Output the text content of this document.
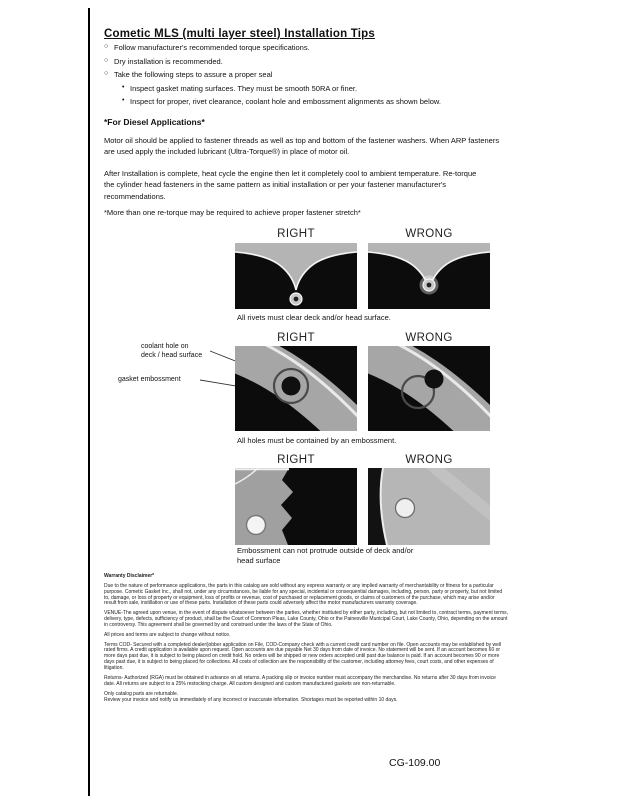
Cometic MLS (multi layer steel) Installation Tips
○ Follow manufacturer's recommended torque specifications.
○ Dry installation is recommended.
○ Take the following steps to assure a proper seal
• Inspect gasket mating surfaces. They must be smooth 50RA or finer.
• Inspect for proper, rivet clearance, coolant hole and embossment alignments as shown below.
*For Diesel Applications*
Motor oil should be applied to fastener threads as well as top and bottom of the fastener washers. When ARP fasteners are used apply the included lubricant (Ultra-Torque®) in place of motor oil.
After Installation is complete, heat cycle the engine then let it completely cool to ambient temperature. Re-torque the cylinder head fasteners in the same pattern as initial installation or per your fastener manufacturer's recommendations.
*More than one re-torque may be required to achieve proper fastener stretch*
RIGHT	WRONG
All rivets must clear deck and/or head surface.
RIGHT	WRONG
coolant hole on
deck / head surface
gasket embossment
All holes must be contained by an embossment.
RIGHT	WRONG
Embossment can not protrude outside of deck and/or head surface
Warranty Disclaimer*

Due to the nature of performance applications, the parts in this catalog are sold without any express warranty or any implied warranty of merchantability or fitness for a particular purpose. Cometic Gasket Inc., shall not, under any circumstances, be liable for any special, incidental or consequential damages, including, person, party or property, but not limited to, damage, or loss of property or equipment, loss of profits or revenue, cost of purchased or replacement goods, or claims of customers of the purchase, which may arise and/or result from sale, instillation or use of these parts. Installation of these parts could adversely affect the motor manufacturers warranty coverage.

VENUE-The agreed upon venue, in the event of dispute whatsoever between the parties, whether instituted by either party, including, but not limited to, contract terms, payment terms, delivery, type, defects, sufficiency of product, shall be the Court of Common Pleas, Lake County, Ohio or the Painesville Municipal Court, Lake County, Ohio, depending on the amount in controversy. This agreement shall be governed by and construed under the laws of the State of Ohio.

All prices and terms are subject to change without notice.

Terms COD- Secured with a completed dealer/jobber application on File, COD-Company check with a current credit card number on file. Open accounts may be established by well rated firms. A credit application is available upon request. Open accounts are due payable Net 30 days from date of invoice. No statement will be sent. If an account becomes 60 or more days past due, it is subject to being placed on credit hold. No orders will be shipped or new orders accepted until past due balance is paid. If an account becomes 90 or more days past due, it is subject to being placed for collections. All costs of collection are the responsibility of the customer, including attorney fees, court costs, and other expenses of litigation.

Returns- Authorized (RGA) must be obtained in advance on all returns. A packing slip or invoice number must accompany the merchandise. No returns after 30 days from invoice date. All returns are subject to a 25% restocking charge. All custom designed and custom manufactured gaskets are non-returnable.

Only catalog parts are returnable.

Review your invoice and notify us immediately of any incorrect or inaccurate information. Shortages must be reported within 10 days.

CG-109.00
